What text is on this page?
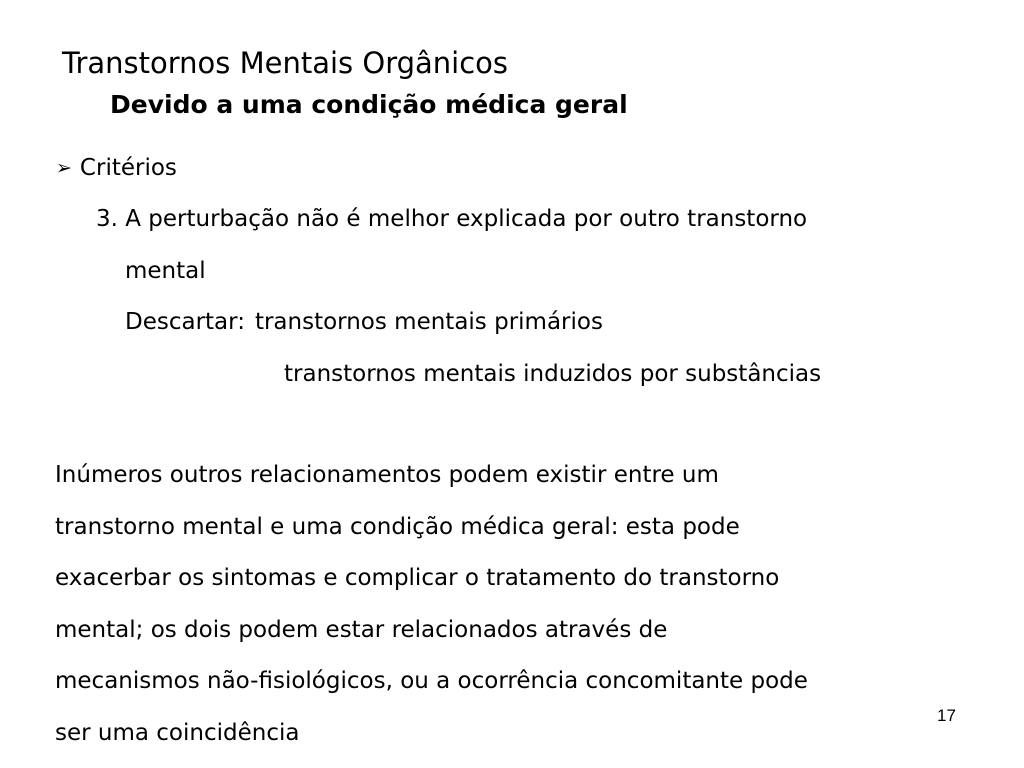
Transtornos Mentais Orgânicos
Devido a uma condição médica geral
➢ Critérios
3. A perturbação não é melhor explicada por outro transtorno
mental
Descartar: transtornos mentais primários
transtornos mentais induzidos por substâncias
Inúmeros outros relacionamentos podem existir entre um
transtorno mental e uma condição médica geral: esta pode
exacerbar os sintomas e complicar o tratamento do transtorno
mental; os dois podem estar relacionados através de
mecanismos não-fisiológicos, ou a ocorrência concomitante pode
ser uma coincidência
17
